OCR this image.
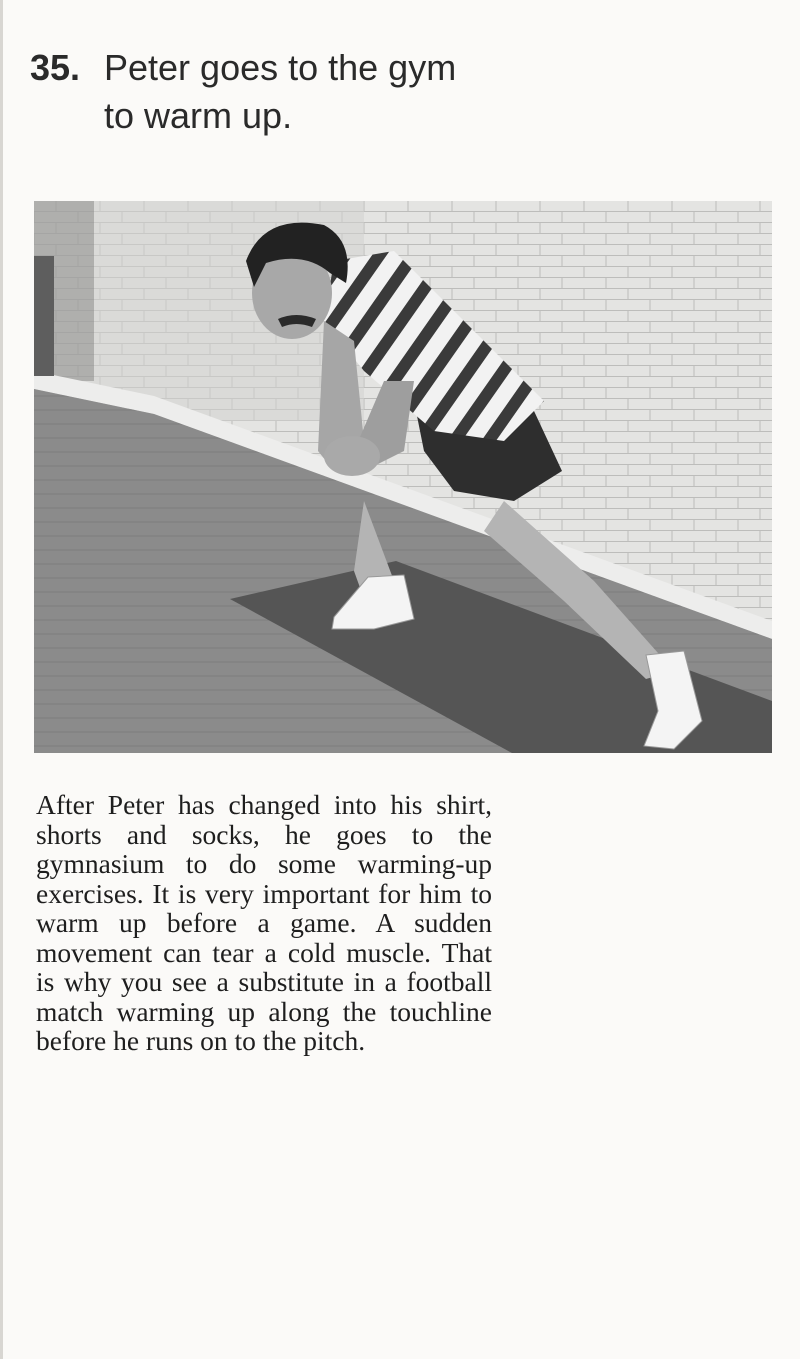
35. Peter goes to the gym
to warm up.
After Peter has changed into his shirt, shorts and socks, he goes to the gymnasium to do some warming-up exercises. It is very important for him to warm up before a game. A sudden movement can tear a cold muscle. That is why you see a substitute in a football match warming up along the touchline before he runs on to the pitch.
